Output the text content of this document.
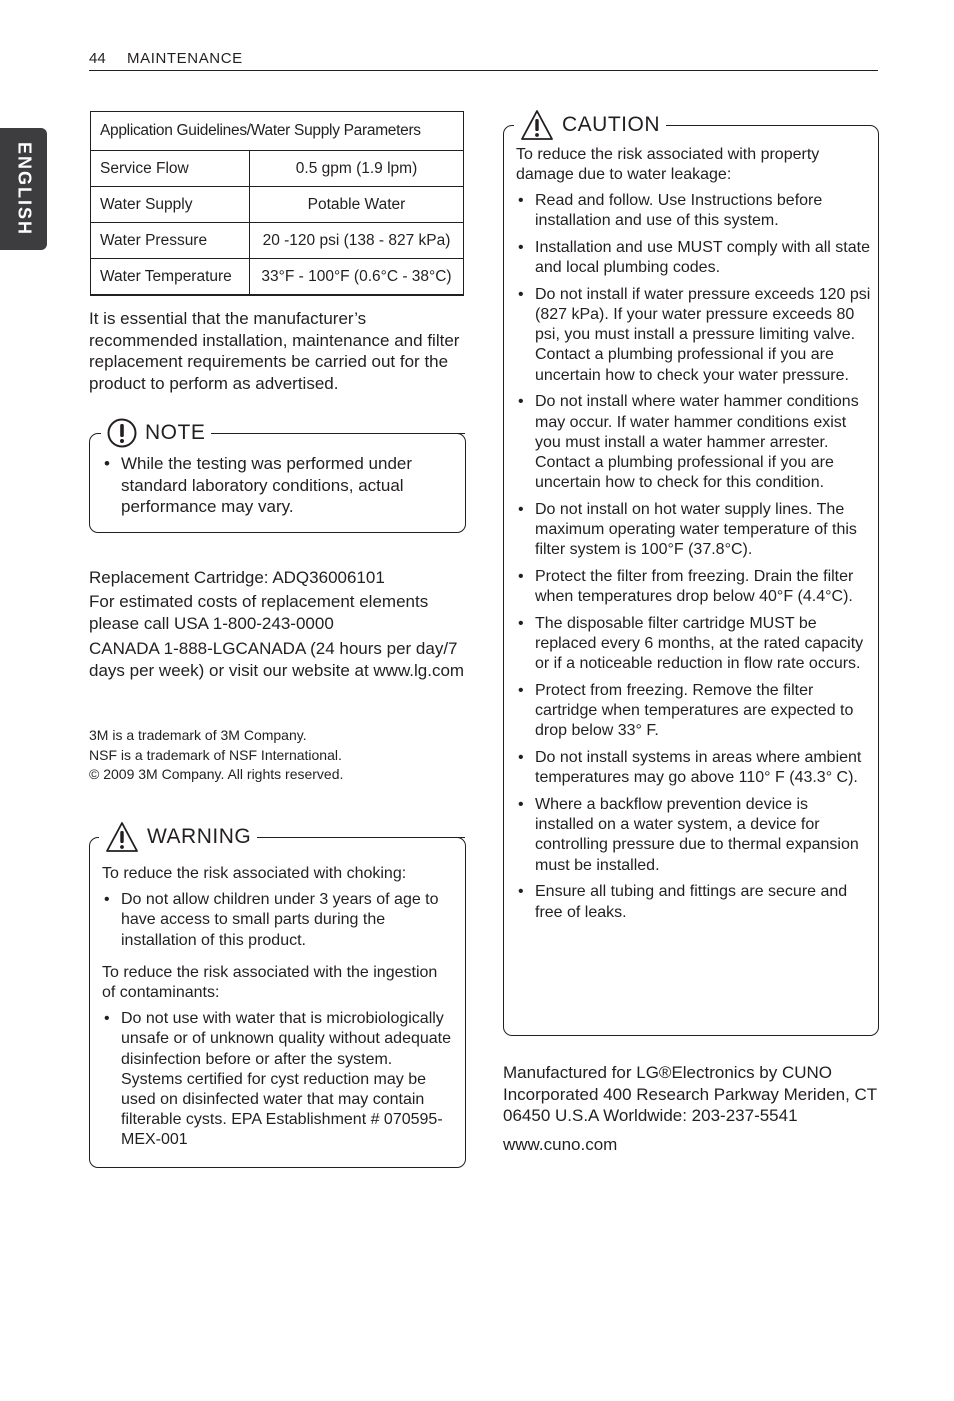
44 MAINTENANCE
ENGLISH
Application Guidelines/Water Supply Parameters	
Service Flow	0.5 gpm (1.9 lpm)
Water Supply	Potable Water
Water Pressure	20 -120 psi (138 - 827 kPa)
Water Temperature	33°F - 100°F (0.6°C - 38°C)
It is essential that the manufacturer’s recommended installation, maintenance and filter replacement requirements be carried out for the product to perform as advertised.
• While the testing was performed under standard laboratory conditions, actual performance may vary.
NOTE
Replacement Cartridge: ADQ36006101
For estimated costs of replacement elements please call USA 1-800-243-0000
CANADA 1-888-LGCANADA (24 hours per day/7 days per week) or visit our website at www.lg.com
3M is a trademark of 3M Company.
NSF is a trademark of NSF International.
© 2009 3M Company. All rights reserved.

To reduce the risk associated with choking:

• Do not allow children under 3 years of age to have access to small parts during the installation of this product.

To reduce the risk associated with the ingestion of contaminants:

• Do not use with water that is microbiologically unsafe or of unknown quality without adequate disinfection before or after the system. Systems certified for cyst reduction may be used on disinfected water that may contain filterable cysts. EPA Establishment # 070595-MEX-001
WARNING

To reduce the risk associated with property damage due to water leakage:

• Read and follow. Use Instructions before installation and use of this system.
• Installation and use MUST comply with all state and local plumbing codes.
• Do not install if water pressure exceeds 120 psi (827 kPa). If your water pressure exceeds 80 psi, you must install a pressure limiting valve. Contact a plumbing professional if you are uncertain how to check your water pressure.
• Do not install where water hammer conditions may occur. If water hammer conditions exist you must install a water hammer arrester. Contact a plumbing professional if you are uncertain how to check for this condition.
• Do not install on hot water supply lines. The maximum operating water temperature of this filter system is 100°F (37.8°C).
• Protect the filter from freezing. Drain the filter when temperatures drop below 40°F (4.4°C).
• The disposable filter cartridge MUST be replaced every 6 months, at the rated capacity or if a noticeable reduction in flow rate occurs.
• Protect from freezing. Remove the filter cartridge when temperatures are expected to drop below 33° F.
• Do not install systems in areas where ambient temperatures may go above 110° F (43.3° C).
• Where a backflow prevention device is installed on a water system, a device for controlling pressure due to thermal expansion must be installed.
• Ensure all tubing and fittings are secure and free of leaks.
CAUTION
Manufactured for LG®Electronics by CUNO Incorporated 400 Research Parkway Meriden, CT 06450 U.S.A Worldwide: 203-237-5541
www.cuno.com
